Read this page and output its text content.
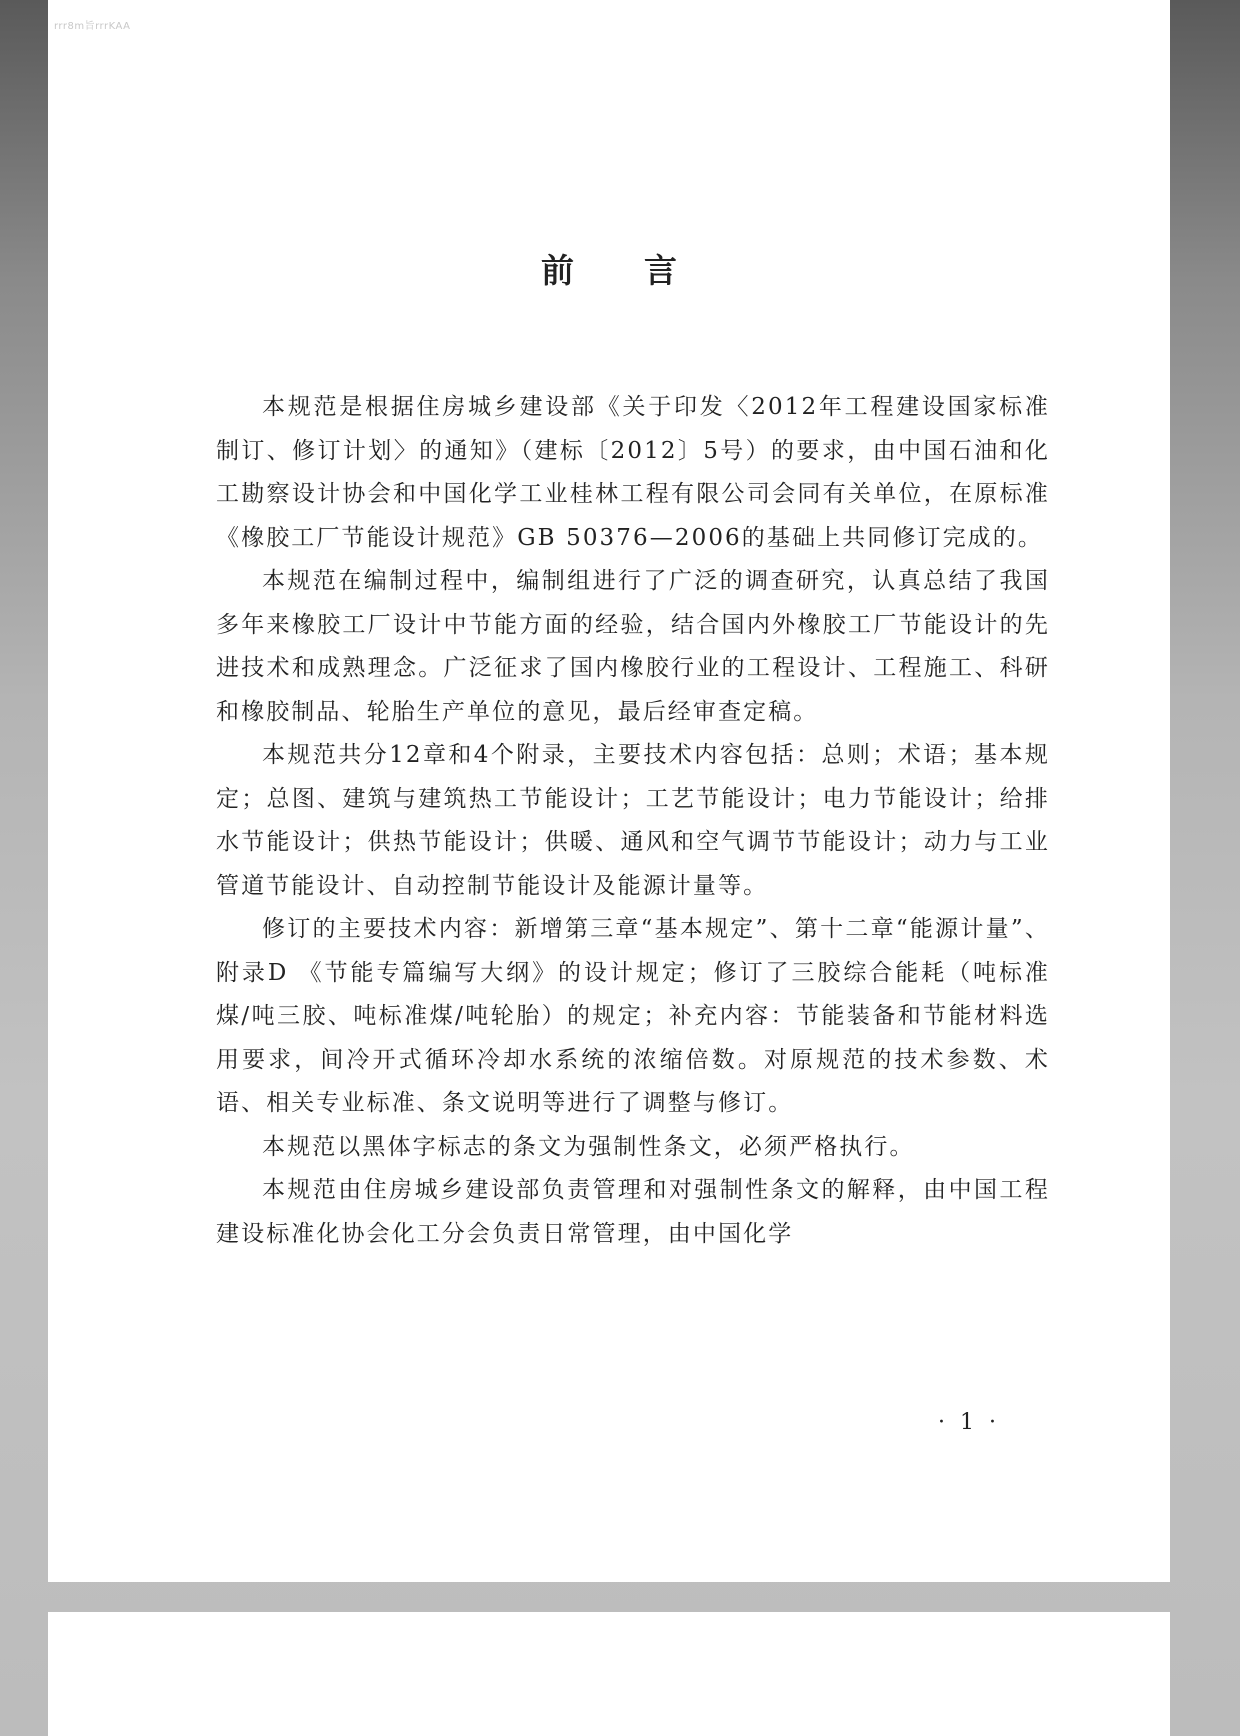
rrr8m旨rrrKAA
前言

本规范是根据住房城乡建设部《关于印发〈2012年工程建设国家标准制订、修订计划〉的通知》（建标〔2012〕5号）的要求，由中国石油和化工勘察设计协会和中国化学工业桂林工程有限公司会同有关单位，在原标准《橡胶工厂节能设计规范》GB 50376—2006的基础上共同修订完成的。

本规范在编制过程中，编制组进行了广泛的调查研究，认真总结了我国多年来橡胶工厂设计中节能方面的经验，结合国内外橡胶工厂节能设计的先进技术和成熟理念。广泛征求了国内橡胶行业的工程设计、工程施工、科研和橡胶制品、轮胎生产单位的意见，最后经审查定稿。

本规范共分12章和4个附录，主要技术内容包括：总则；术语；基本规定；总图、建筑与建筑热工节能设计；工艺节能设计；电力节能设计；给排水节能设计；供热节能设计；供暖、通风和空气调节节能设计；动力与工业管道节能设计、自动控制节能设计及能源计量等。

修订的主要技术内容：新增第三章“基本规定”、第十二章“能源计量”、附录D 《节能专篇编写大纲》的设计规定；修订了三胶综合能耗（吨标准煤/吨三胶、吨标准煤/吨轮胎）的规定；补充内容：节能装备和节能材料选用要求，间冷开式循环冷却水系统的浓缩倍数。对原规范的技术参数、术语、相关专业标准、条文说明等进行了调整与修订。

本规范以黑体字标志的条文为强制性条文，必须严格执行。

本规范由住房城乡建设部负责管理和对强制性条文的解释，由中国工程建设标准化协会化工分会负责日常管理，由中国化学

· 1 ·
